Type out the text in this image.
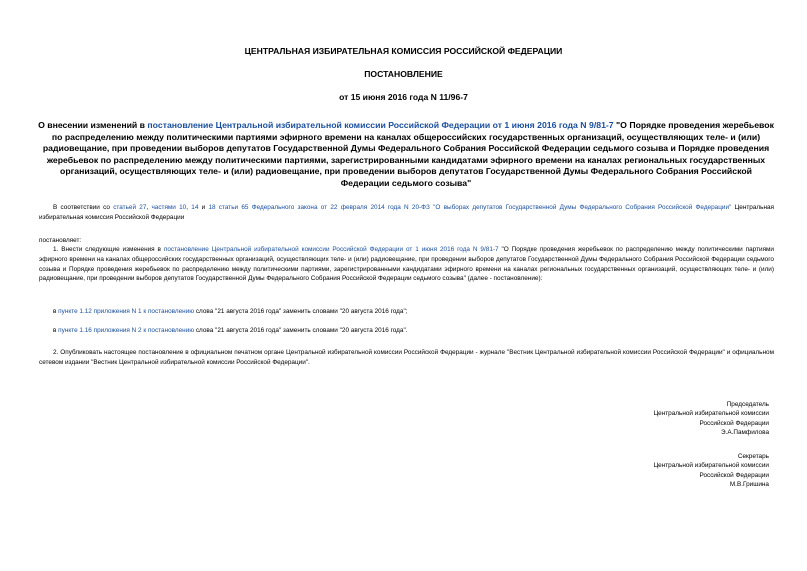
ЦЕНТРАЛЬНАЯ ИЗБИРАТЕЛЬНАЯ КОМИССИЯ РОССИЙСКОЙ ФЕДЕРАЦИИ
ПОСТАНОВЛЕНИЕ
от 15 июня 2016 года N 11/96-7
О внесении изменений в постановление Центральной избирательной комиссии Российской Федерации от 1 июня 2016 года N 9/81-7 "О Порядке проведения жеребьевок по распределению между политическими партиями эфирного времени на каналах общероссийских государственных организаций, осуществляющих теле- и (или) радиовещание, при проведении выборов депутатов Государственной Думы Федерального Собрания Российской Федерации седьмого созыва и Порядке проведения жеребьевок по распределению между политическими партиями, зарегистрированными кандидатами эфирного времени на каналах региональных государственных организаций, осуществляющих теле- и (или) радиовещание, при проведении выборов депутатов Государственной Думы Федерального Собрания Российской Федерации седьмого созыва"
В соответствии со статьей 27, частями 10, 14 и 18 статьи 65 Федерального закона от 22 февраля 2014 года N 20-ФЗ "О выборах депутатов Государственной Думы Федерального Собрания Российской Федерации" Центральная избирательная комиссия Российской Федерации
постановляет:
1. Внести следующие изменения в постановление Центральной избирательной комиссии Российской Федерации от 1 июня 2016 года N 9/81-7 "О Порядке проведения жеребьевок по распределению между политическими партиями эфирного времени на каналах общероссийских государственных организаций, осуществляющих теле- и (или) радиовещание, при проведении выборов депутатов Государственной Думы Федерального Собрания Российской Федерации седьмого созыва и Порядке проведения жеребьевок по распределению между политическими партиями, зарегистрированными кандидатами эфирного времени на каналах региональных государственных организаций, осуществляющих теле- и (или) радиовещание, при проведении выборов депутатов Государственной Думы Федерального Собрания Российской Федерации седьмого созыва" (далее - постановление):
в пункте 1.12 приложения N 1 к постановлению слова "21 августа 2016 года" заменить словами "20 августа 2016 года";
в пункте 1.16 приложения N 2 к постановлению слова "21 августа 2016 года" заменить словами "20 августа 2016 года".
2. Опубликовать настоящее постановление в официальном печатном органе Центральной избирательной комиссии Российской Федерации - журнале "Вестник Центральной избирательной комиссии Российской Федерации" и официальном сетевом издании "Вестник Центральной избирательной комиссии Российской Федерации".
Председатель
Центральной избирательной комиссии
Российской Федерации
Э.А.Памфилова
Секретарь
Центральной избирательной комиссии
Российской Федерации
М.В.Гришина
